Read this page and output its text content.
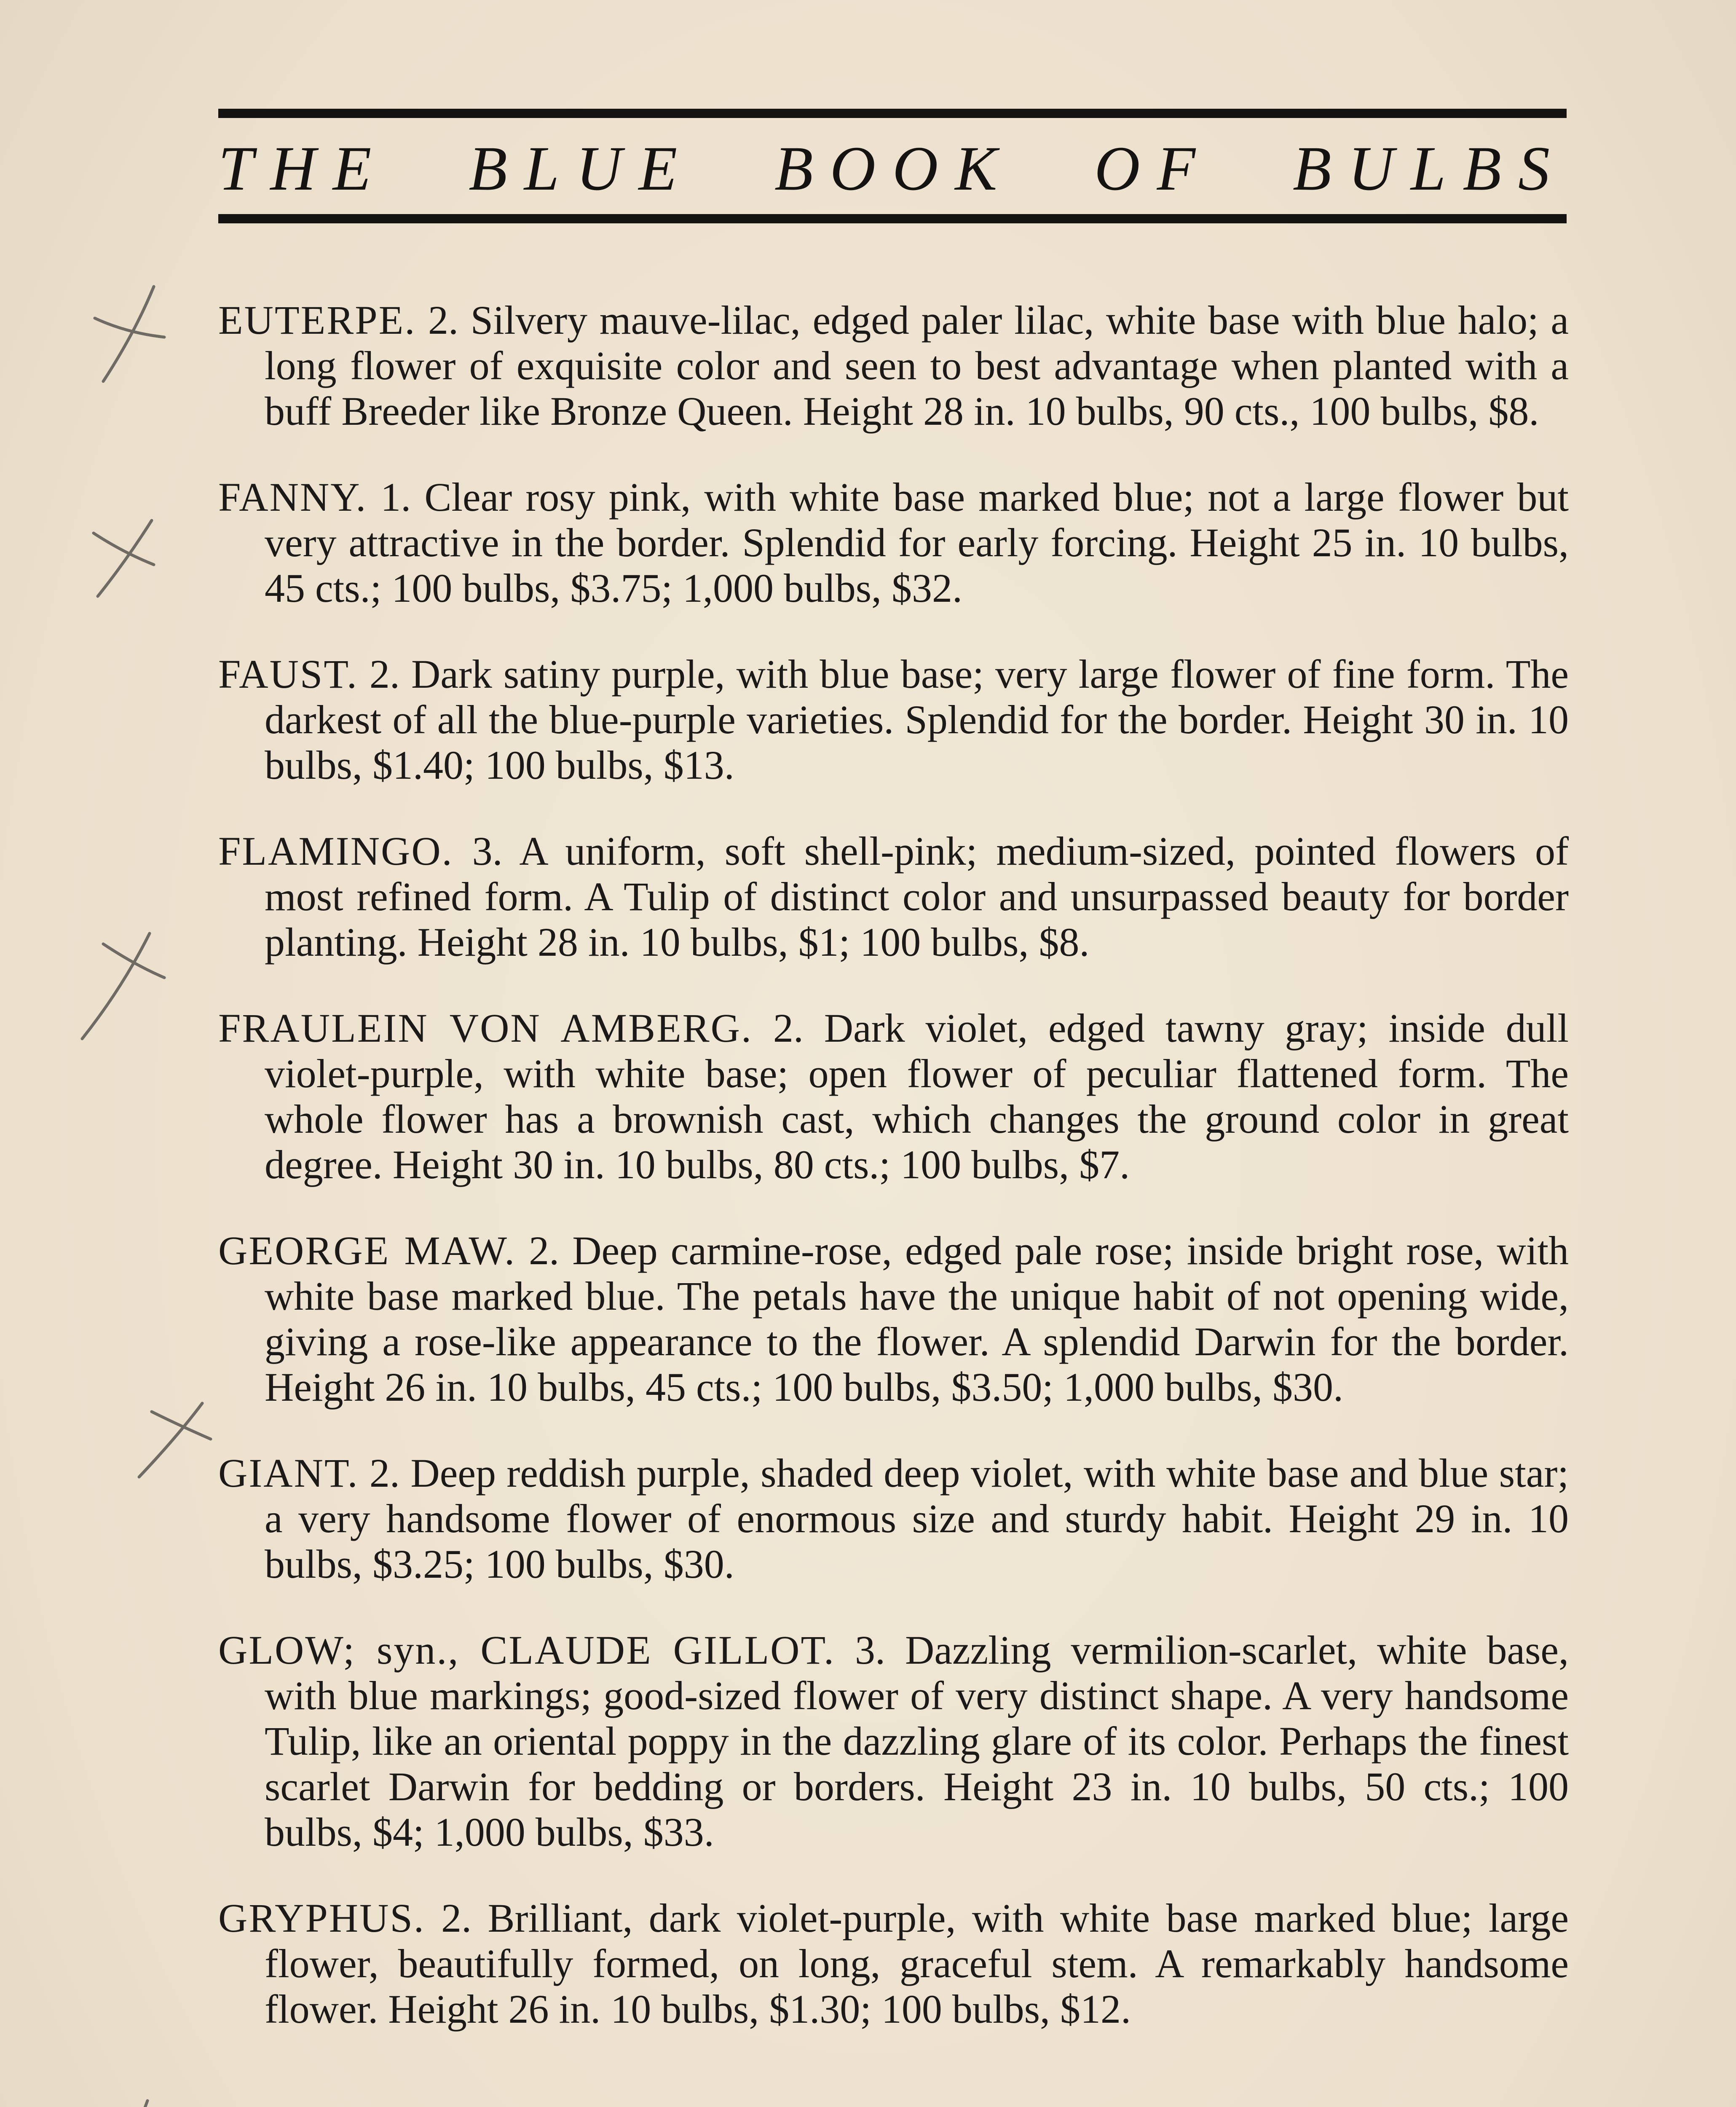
THE BLUE BOOK OF BULBS

EUTERPE. 2. Silvery mauve-lilac, edged paler lilac, white base with blue halo; a long flower of exquisite color and seen to best advantage when planted with a buff Breeder like Bronze Queen. Height 28 in. 10 bulbs, 90 cts., 100 bulbs, $8.

FANNY. 1. Clear rosy pink, with white base marked blue; not a large flower but very attractive in the border. Splendid for early forcing. Height 25 in. 10 bulbs, 45 cts.; 100 bulbs, $3.75; 1,000 bulbs, $32.

FAUST. 2. Dark satiny purple, with blue base; very large flower of fine form. The darkest of all the blue-purple varieties. Splendid for the border. Height 30 in. 10 bulbs, $1.40; 100 bulbs, $13.

FLAMINGO. 3. A uniform, soft shell-pink; medium-sized, pointed flowers of most refined form. A Tulip of distinct color and unsurpassed beauty for border planting. Height 28 in. 10 bulbs, $1; 100 bulbs, $8.

FRAULEIN VON AMBERG. 2. Dark violet, edged tawny gray; inside dull violet-purple, with white base; open flower of peculiar flattened form. The whole flower has a brownish cast, which changes the ground color in great degree. Height 30 in. 10 bulbs, 80 cts.; 100 bulbs, $7.

GEORGE MAW. 2. Deep carmine-rose, edged pale rose; inside bright rose, with white base marked blue. The petals have the unique habit of not opening wide, giving a rose-like appearance to the flower. A splendid Darwin for the border. Height 26 in. 10 bulbs, 45 cts.; 100 bulbs, $3.50; 1,000 bulbs, $30.

GIANT. 2. Deep reddish purple, shaded deep violet, with white base and blue star; a very handsome flower of enormous size and sturdy habit. Height 29 in. 10 bulbs, $3.25; 100 bulbs, $30.

GLOW; syn., CLAUDE GILLOT. 3. Dazzling vermilion-scarlet, white base, with blue markings; good-sized flower of very distinct shape. A very handsome Tulip, like an oriental poppy in the dazzling glare of its color. Perhaps the finest scarlet Darwin for bedding or borders. Height 23 in. 10 bulbs, 50 cts.; 100 bulbs, $4; 1,000 bulbs, $33.

GRYPHUS. 2. Brilliant, dark violet-purple, with white base marked blue; large flower, beautifully formed, on long, graceful stem. A remarkably handsome flower. Height 26 in. 10 bulbs, $1.30; 100 bulbs, $12.
